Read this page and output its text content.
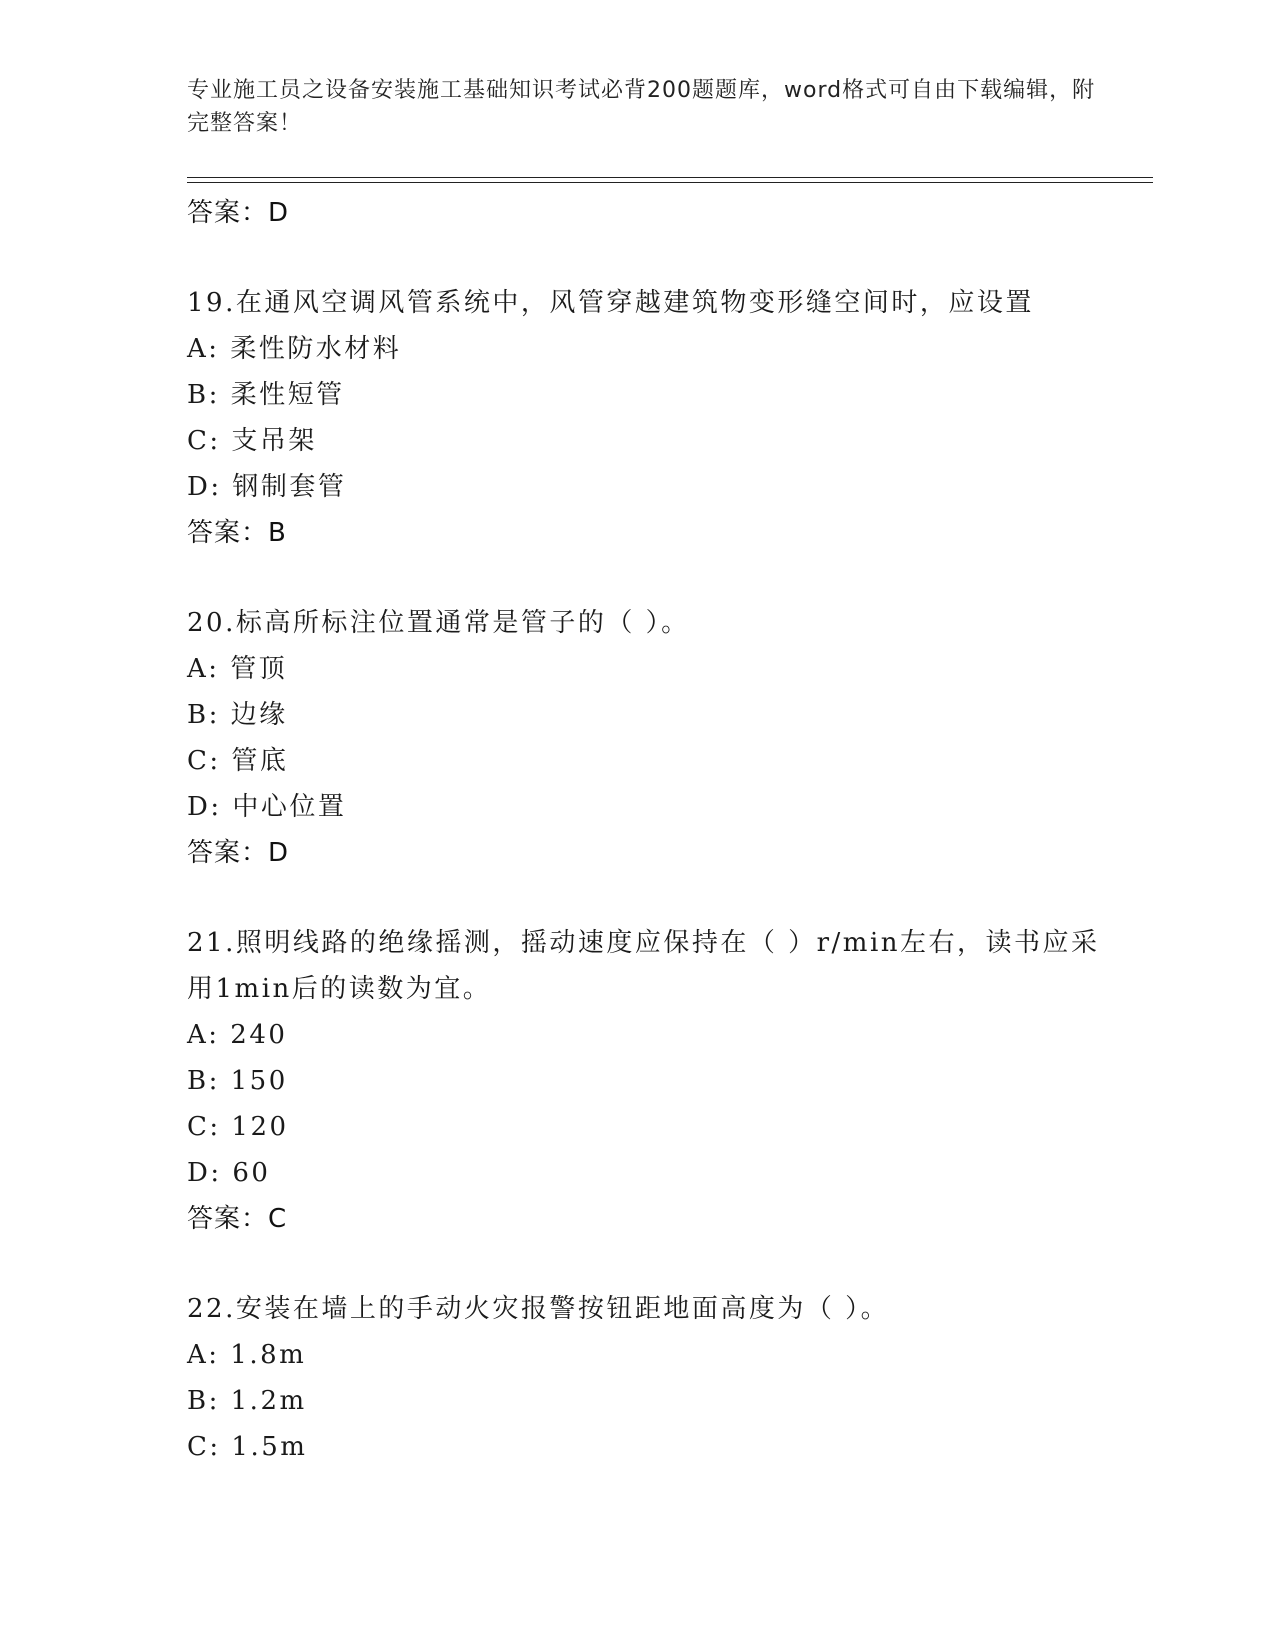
专业施工员之设备安装施工基础知识考试必背200题题库，word格式可自由下载编辑，附完整答案！
答案：D
19.在通风空调风管系统中，风管穿越建筑物变形缝空间时，应设置
A: 柔性防水材料
B: 柔性短管
C: 支吊架
D: 钢制套管
答案：B
20.标高所标注位置通常是管子的（ ）。
A: 管顶
B: 边缘
C: 管底
D: 中心位置
答案：D
21.照明线路的绝缘摇测，摇动速度应保持在（ ）r/min左右，读书应采用1min后的读数为宜。
A: 240
B: 150
C: 120
D: 60
答案：C
22.安装在墙上的手动火灾报警按钮距地面高度为（ ）。
A: 1.8m
B: 1.2m
C: 1.5m
